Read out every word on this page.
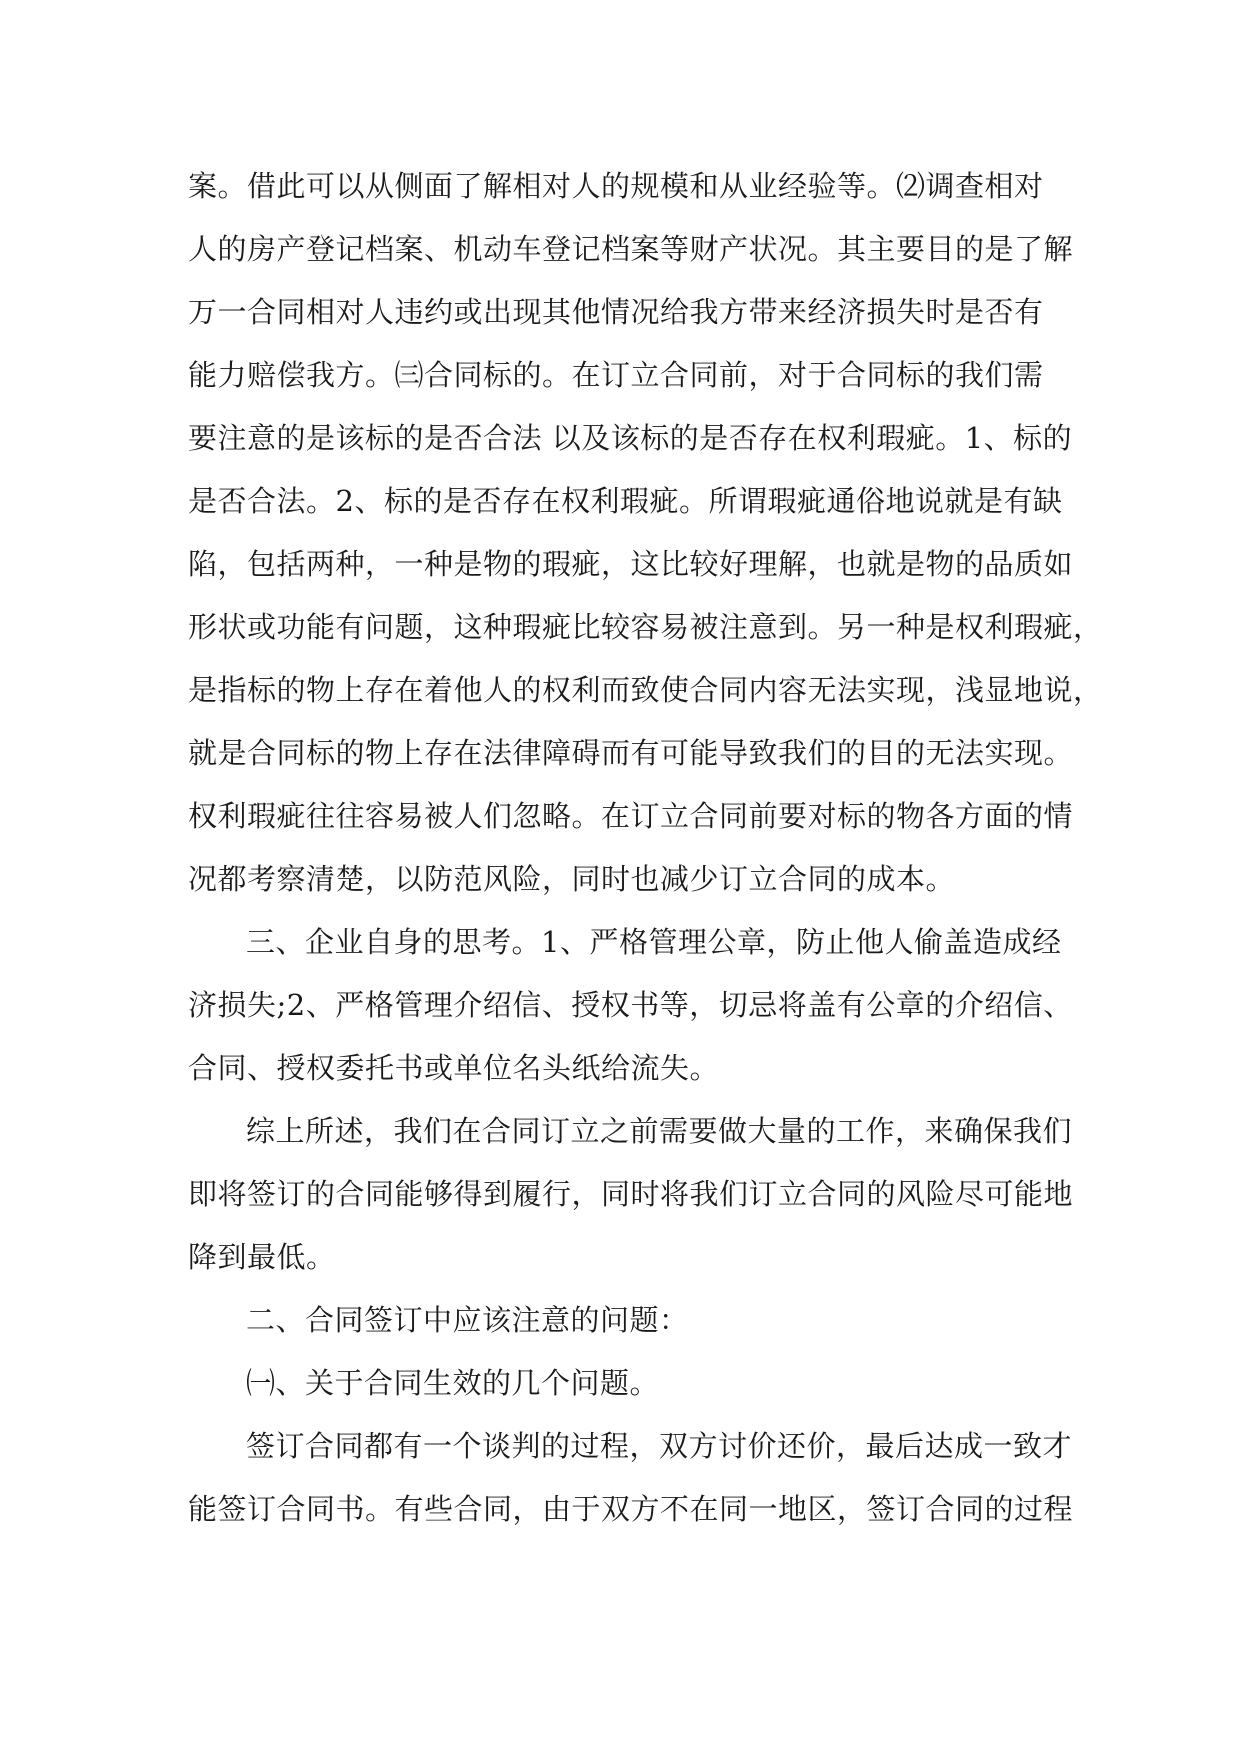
案。借此可以从侧面了解相对人的规模和从业经验等。⑵调查相对
人的房产登记档案、机动车登记档案等财产状况。其主要目的是了解
万一合同相对人违约或出现其他情况给我方带来经济损失时是否有
能力赔偿我方。㈢合同标的。在订立合同前，对于合同标的我们需
要注意的是该标的是否合法 以及该标的是否存在权利瑕疵。1、标的
是否合法。2、标的是否存在权利瑕疵。所谓瑕疵通俗地说就是有缺
陷，包括两种，一种是物的瑕疵，这比较好理解，也就是物的品质如
形状或功能有问题，这种瑕疵比较容易被注意到。另一种是权利瑕疵，
是指标的物上存在着他人的权利而致使合同内容无法实现，浅显地说，
就是合同标的物上存在法律障碍而有可能导致我们的目的无法实现。
权利瑕疵往往容易被人们忽略。在订立合同前要对标的物各方面的情
况都考察清楚，以防范风险，同时也减少订立合同的成本。
三、企业自身的思考。1、严格管理公章，防止他人偷盖造成经
济损失;2、严格管理介绍信、授权书等，切忌将盖有公章的介绍信、
合同、授权委托书或单位名头纸给流失。
综上所述，我们在合同订立之前需要做大量的工作，来确保我们
即将签订的合同能够得到履行，同时将我们订立合同的风险尽可能地
降到最低。
二、合同签订中应该注意的问题：
㈠、关于合同生效的几个问题。
签订合同都有一个谈判的过程，双方讨价还价，最后达成一致才
能签订合同书。有些合同，由于双方不在同一地区，签订合同的过程
